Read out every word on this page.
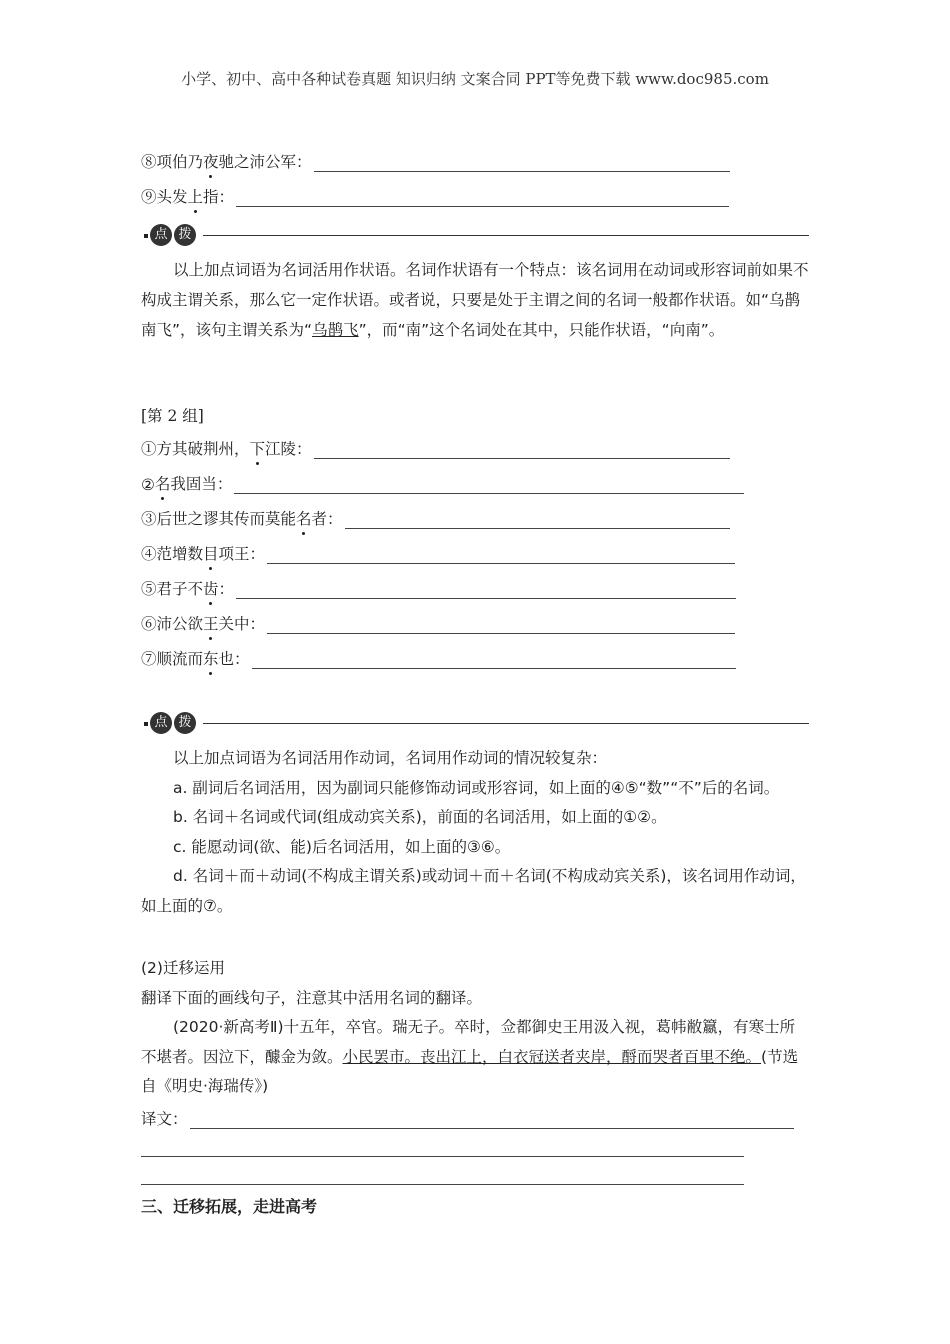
小学、初中、高中各种试卷真题 知识归纳 文案合同 PPT等免费下载 www.doc985.com
⑧项伯乃 夜 驰之沛公军：
⑨头发 上 指：
点 拨

以上加点词语为名词活用作状语。名词作状语有一个特点：该名词用在动词或形容词前如果不构成主谓关系，那么它一定作状语。或者说，只要是处于主谓之间的名词一般都作状语。如“乌鹊南飞”，该句主谓关系为“乌鹊飞”，而“南”这个名词处在其中，只能作状语，“向南”。

[第 2 组]
①方其破荆州， 下 江陵：
② 名 我固当：
③后世之谬其传而莫能 名 者：
④范增数 目 项王：
⑤君子不 齿 ：
⑥沛公欲 王 关中：
⑦顺流而 东 也：
点 拨

以上加点词语为名词活用作动词，名词用作动词的情况较复杂：

a. 副词后名词活用，因为副词只能修饰动词或形容词，如上面的④⑤“数”“不”后的名词。

b. 名词＋名词或代词(组成动宾关系)，前面的名词活用，如上面的①②。

c. 能愿动词(欲、能)后名词活用，如上面的③⑥。

d. 名词＋而＋动词(不构成主谓关系)或动词＋而＋名词(不构成动宾关系)，该名词用作动词，如上面的⑦。

(2)迁移运用

翻译下面的画线句子，注意其中活用名词的翻译。

(2020·新高考Ⅱ)十五年，卒官。瑞无子。卒时，佥都御史王用汲入视，葛帏敝籝，有寒士所不堪者。因泣下，醵金为敛。小民罢市。丧出江上，白衣冠送者夹岸，酹而哭者百里不绝。(节选自《明史·海瑞传》)

译文：
三、迁移拓展，走进高考
